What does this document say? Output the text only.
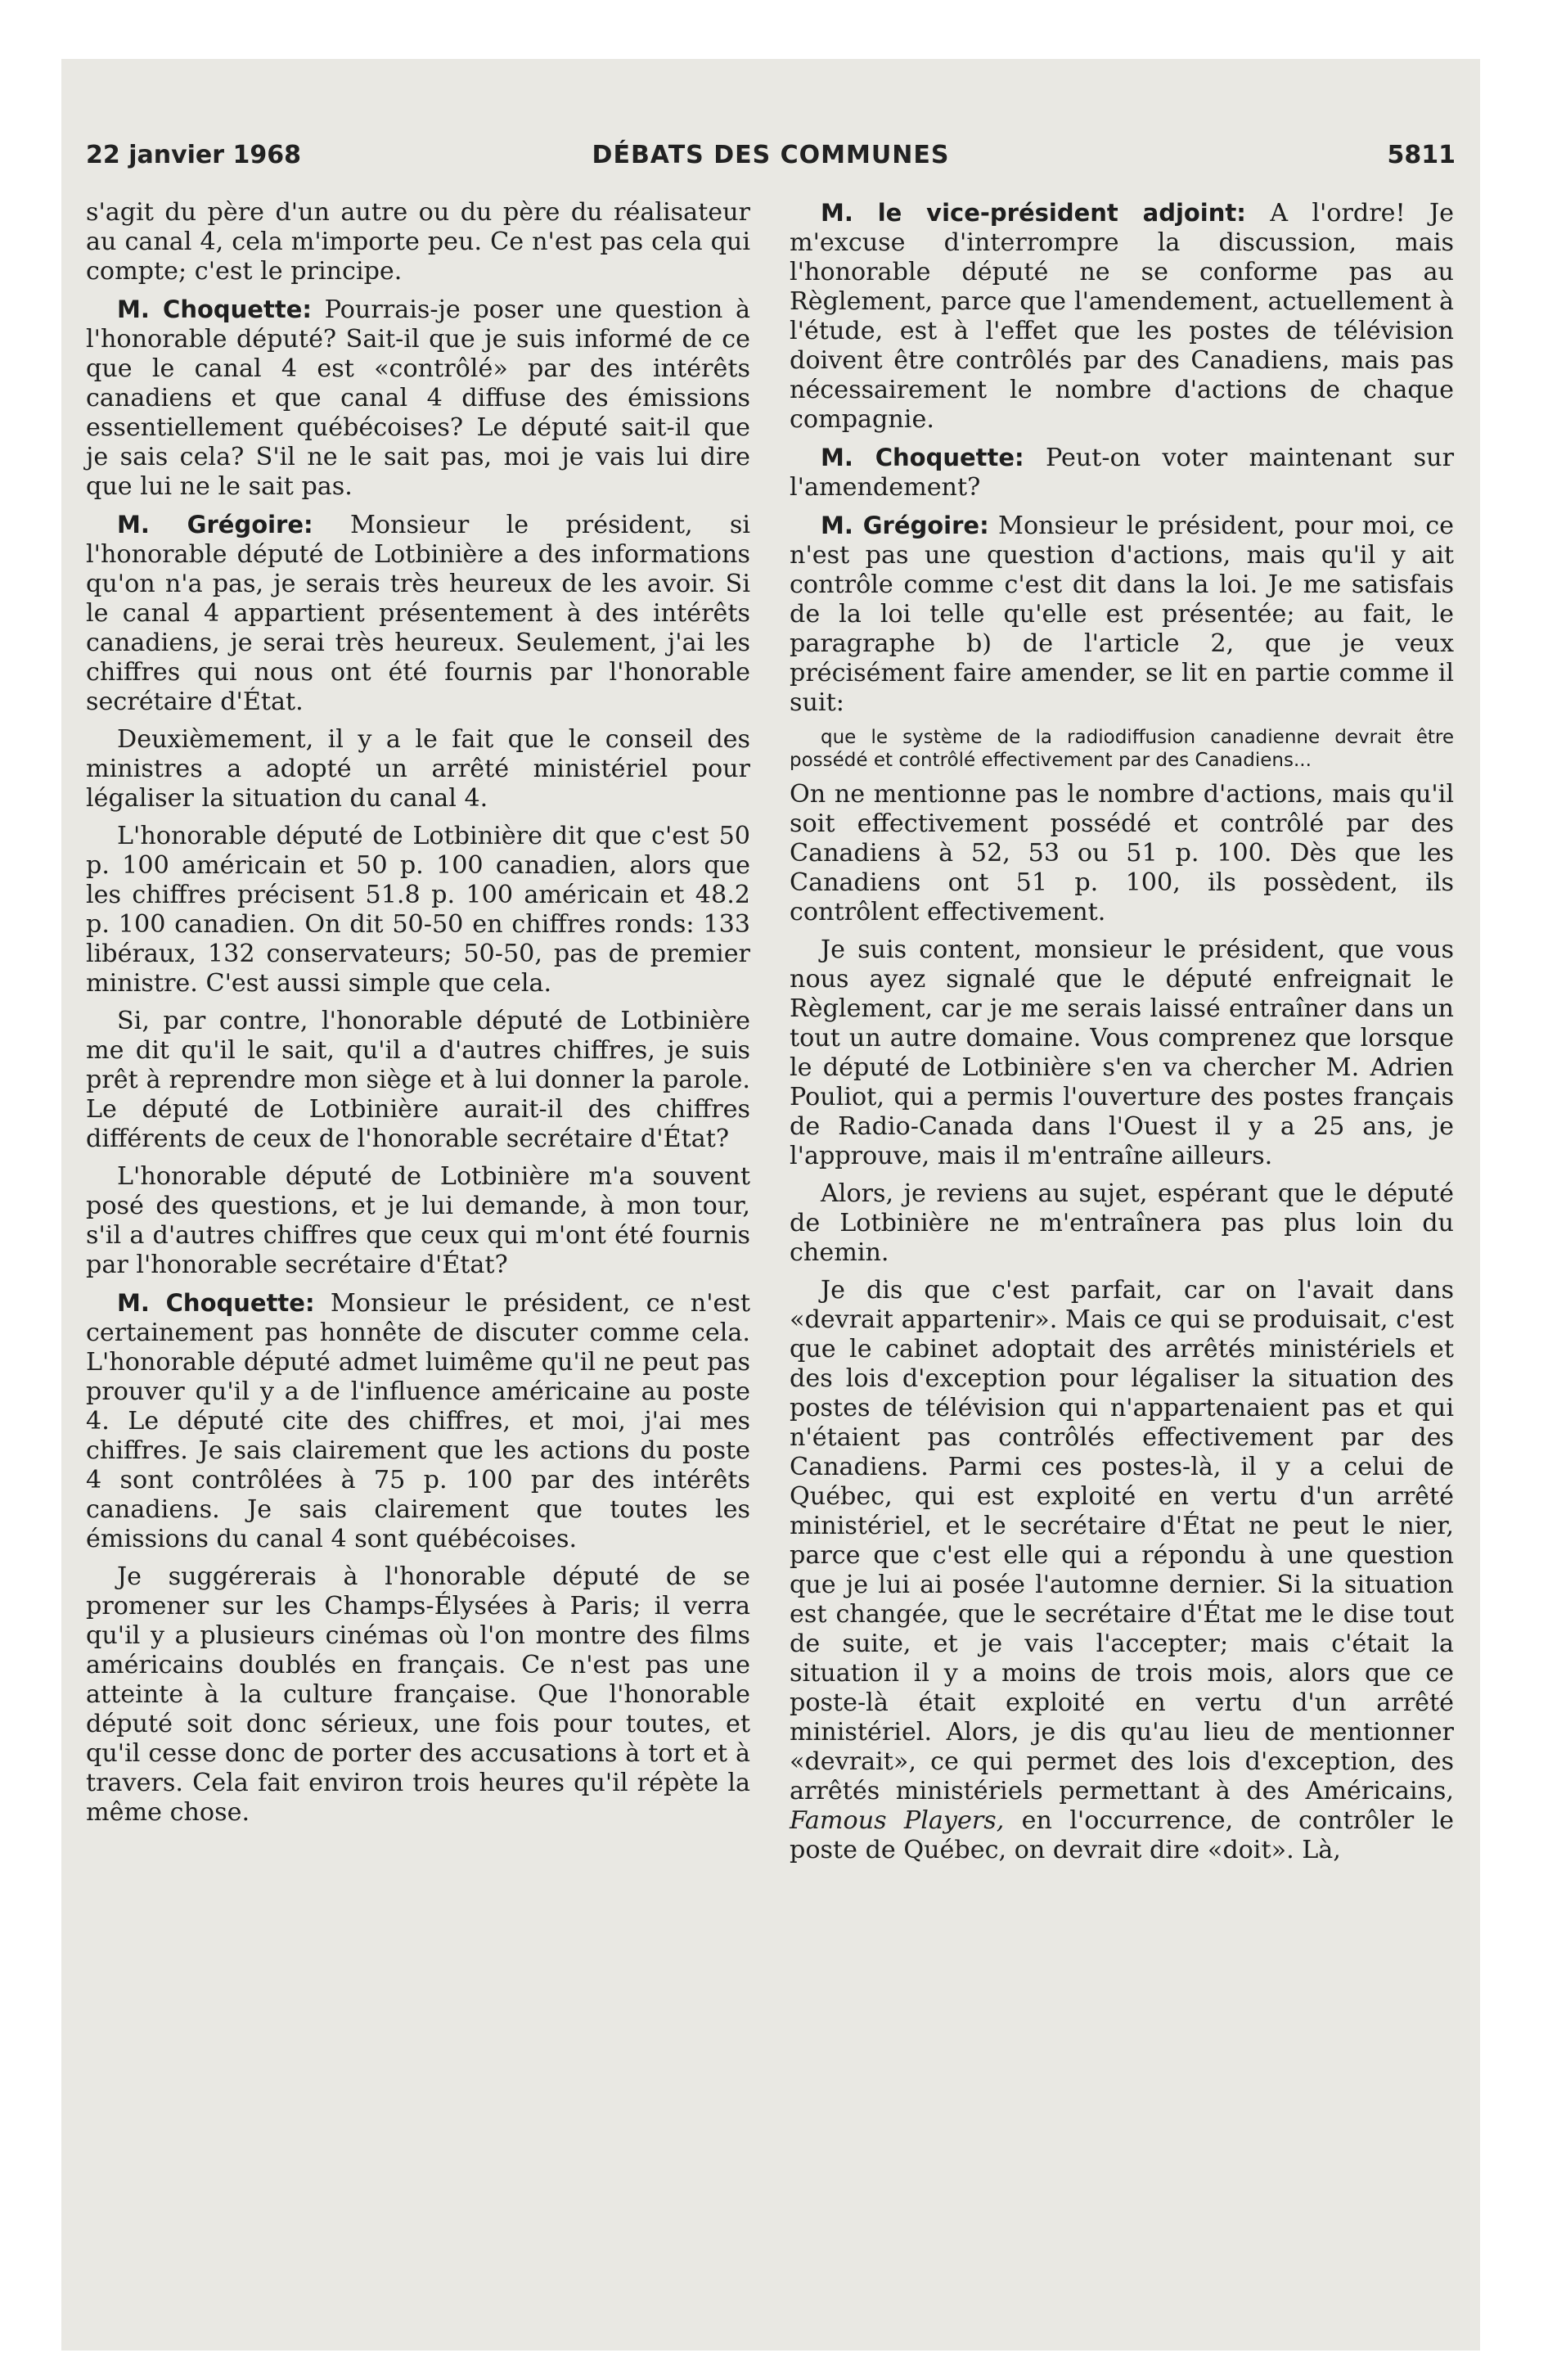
22 janvier 1968	DÉBATS DES COMMUNES	5811

s'agit du père d'un autre ou du père du réalisateur au canal 4, cela m'importe peu. Ce n'est pas cela qui compte; c'est le principe.

M. Choquette: Pourrais-je poser une question à l'honorable député? Sait-il que je suis informé de ce que le canal 4 est «contrôlé» par des intérêts canadiens et que canal 4 diffuse des émissions essentiellement québécoises? Le député sait-il que je sais cela? S'il ne le sait pas, moi je vais lui dire que lui ne le sait pas.

M. Grégoire: Monsieur le président, si l'honorable député de Lotbinière a des informations qu'on n'a pas, je serais très heureux de les avoir. Si le canal 4 appartient présentement à des intérêts canadiens, je serai très heureux. Seulement, j'ai les chiffres qui nous ont été fournis par l'honorable secrétaire d'État.

Deuxièmement, il y a le fait que le conseil des ministres a adopté un arrêté ministériel pour légaliser la situation du canal 4.

L'honorable député de Lotbinière dit que c'est 50 p. 100 américain et 50 p. 100 canadien, alors que les chiffres précisent 51.8 p. 100 américain et 48.2 p. 100 canadien. On dit 50-50 en chiffres ronds: 133 libéraux, 132 conservateurs; 50-50, pas de premier ministre. C'est aussi simple que cela.

Si, par contre, l'honorable député de Lotbinière me dit qu'il le sait, qu'il a d'autres chiffres, je suis prêt à reprendre mon siège et à lui donner la parole. Le député de Lotbinière aurait-il des chiffres différents de ceux de l'honorable secrétaire d'État?

L'honorable député de Lotbinière m'a souvent posé des questions, et je lui demande, à mon tour, s'il a d'autres chiffres que ceux qui m'ont été fournis par l'honorable secrétaire d'État?

M. Choquette: Monsieur le président, ce n'est certainement pas honnête de discuter comme cela. L'honorable député admet luimême qu'il ne peut pas prouver qu'il y a de l'influence américaine au poste 4. Le député cite des chiffres, et moi, j'ai mes chiffres. Je sais clairement que les actions du poste 4 sont contrôlées à 75 p. 100 par des intérêts canadiens. Je sais clairement que toutes les émissions du canal 4 sont québécoises.

Je suggérerais à l'honorable député de se promener sur les Champs-Élysées à Paris; il verra qu'il y a plusieurs cinémas où l'on montre des films américains doublés en français. Ce n'est pas une atteinte à la culture française. Que l'honorable député soit donc sérieux, une fois pour toutes, et qu'il cesse donc de porter des accusations à tort et à travers. Cela fait environ trois heures qu'il répète la même chose.

M. le vice-président adjoint: A l'ordre! Je m'excuse d'interrompre la discussion, mais l'honorable député ne se conforme pas au Règlement, parce que l'amendement, actuellement à l'étude, est à l'effet que les postes de télévision doivent être contrôlés par des Canadiens, mais pas nécessairement le nombre d'actions de chaque compagnie.

M. Choquette: Peut-on voter maintenant sur l'amendement?

M. Grégoire: Monsieur le président, pour moi, ce n'est pas une question d'actions, mais qu'il y ait contrôle comme c'est dit dans la loi. Je me satisfais de la loi telle qu'elle est présentée; au fait, le paragraphe b) de l'article 2, que je veux précisément faire amender, se lit en partie comme il suit:

que le système de la radiodiffusion canadienne devrait être possédé et contrôlé effectivement par des Canadiens...

On ne mentionne pas le nombre d'actions, mais qu'il soit effectivement possédé et contrôlé par des Canadiens à 52, 53 ou 51 p. 100. Dès que les Canadiens ont 51 p. 100, ils possèdent, ils contrôlent effectivement.

Je suis content, monsieur le président, que vous nous ayez signalé que le député enfreignait le Règlement, car je me serais laissé entraîner dans un tout un autre domaine. Vous comprenez que lorsque le député de Lotbinière s'en va chercher M. Adrien Pouliot, qui a permis l'ouverture des postes français de Radio-Canada dans l'Ouest il y a 25 ans, je l'approuve, mais il m'entraîne ailleurs.

Alors, je reviens au sujet, espérant que le député de Lotbinière ne m'entraînera pas plus loin du chemin.

Je dis que c'est parfait, car on l'avait dans «devrait appartenir». Mais ce qui se produisait, c'est que le cabinet adoptait des arrêtés ministériels et des lois d'exception pour légaliser la situation des postes de télévision qui n'appartenaient pas et qui n'étaient pas contrôlés effectivement par des Canadiens. Parmi ces postes-là, il y a celui de Québec, qui est exploité en vertu d'un arrêté ministériel, et le secrétaire d'État ne peut le nier, parce que c'est elle qui a répondu à une question que je lui ai posée l'automne dernier. Si la situation est changée, que le secrétaire d'État me le dise tout de suite, et je vais l'accepter; mais c'était la situation il y a moins de trois mois, alors que ce poste-là était exploité en vertu d'un arrêté ministériel. Alors, je dis qu'au lieu de mentionner «devrait», ce qui permet des lois d'exception, des arrêtés ministériels permettant à des Américains, Famous Players, en l'occurrence, de contrôler le poste de Québec, on devrait dire «doit». Là,
